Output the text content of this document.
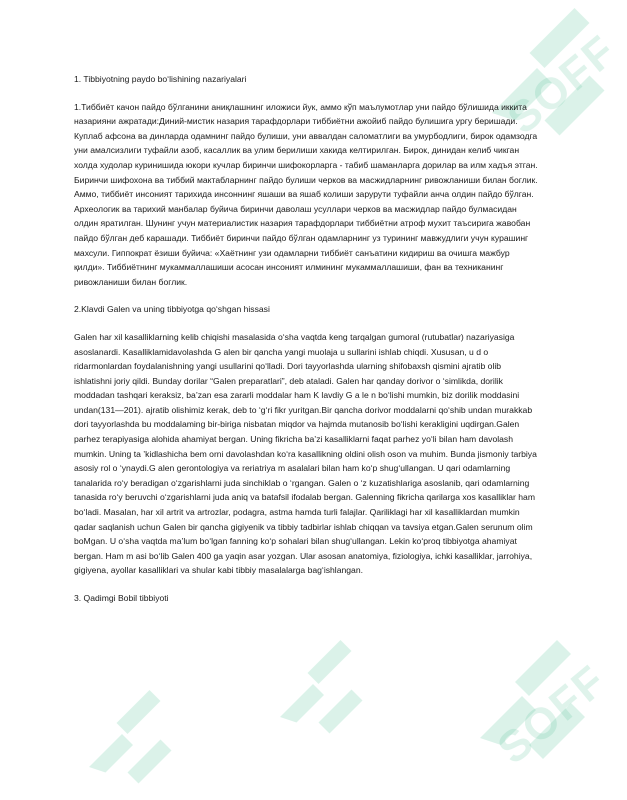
SOFF
SOFF

1. Tibbiyotning paydo bo‘lishining nazariyalari

1.Тиббиёт качон пайдо бўлганини аниқлашнинг иложиси йук, аммо кўп маълумотлар уни пайдо бўлишида иккита назарияни ажратади:Диний-мистик назария тарафдорлари тиббиётни ажойиб пайдо булишига ургу беришади. Куплаб афсона ва динларда одамнинг пайдо булиши, уни аввалдан саломатлиги ва умурбодлиги, бирок одамзодга уни амалсизлиги туфайли азоб, касаллик ва улим берилиши хакида келтирилган. Бирок, динидан келиб чикган холда худолар куринишида юкори кучлар биринчи шифокорларга - табиб шаманларга дорилар ва илм хадъя этган. Биринчи шифохона ва тиббий мактабларнинг пайдо булиши черков ва масжидларнинг ривожланиши билан боглик. Аммо, тиббиёт инсоният тарихида инсоннинг яшаши ва яшаб колиши зарурути туфайли анча олдин пайдо бўлган. Археологик ва тарихий манбалар буйича биринчи даволаш усуллари черков ва масжидлар пайдо булмасидан олдин яратилган. Шунинг учун материалистик назария тарафдорлари тиббиётни атроф мухит таъсирига жавобан пайдо бўлган деб карашади. Тиббиёт биринчи пайдо бўлган одамларнинг уз турининг мавжудлиги учун курашинг махсули. Гиппократ ёзиши буйича: «Хаётнинг узи одамларни тиббиёт санъатини кидириш ва очишга мажбур қилди». Тиббиётнинг мукаммаллашиши асосан инсоният илмининг мукаммаллашиши, фан ва техниканинг ривожланиши билан боглик.

2.Klavdi Galen va uning tibbiyotga qo‘shgan hissasi

Galen har xil kasalliklarning kelib chiqishi masalasida o‘sha vaqtda keng tarqalgan gumoral (rutubatlar) nazariyasiga asoslanardi. Kasalliklamidavolashda G alen bir qancha yangi muolaja u sullarini ishlab chiqdi. Xususan, u d o ridarmonlardan foydalanishning yangi usullarini qo‘lladi. Dori tayyorlashda ularning shifobaxsh qismini ajratib olib ishlatishni joriy qildi. Bunday dorilar “Galen preparatlari”, deb ataladi. Galen har qanday dorivor o ‘simlikda, dorilik moddadan tashqari keraksiz, ba’zan esa zararli moddalar ham K lavdiy G a le n bo‘lishi mumkin, biz dorilik moddasini undan(131—201). ajratib olishimiz kerak, deb to ‘g‘ri fikr yuritgan.Bir qancha dorivor moddalarni qo‘shib undan murakkab dori tayyorlashda bu moddalaming bir-biriga nisbatan miqdor va hajmda mutanosib bo‘lishi kerakligini uqdirgan.Galen parhez terapiyasiga alohida ahamiyat bergan. Uning fikricha ba’zi kasalliklarni faqat parhez yo‘li bilan ham davolash mumkin. Uning ta ’kidlashicha bem orni davolashdan ko‘ra kasallikning oldini olish oson va muhim. Bunda jismoniy tarbiya asosiy rol o ‘ynaydi.G alen gerontologiya va reriatriya m asalalari bilan ham ko‘p shug‘ullangan. U qari odamlarning tanalarida ro‘y beradigan o‘zgarishlarni juda sinchiklab o ‘rgangan. Galen o ‘z kuzatishlariga asoslanib, qari odamlarning tanasida ro‘y beruvchi o‘zgarishlarni juda aniq va batafsil ifodalab bergan. Galenning fikricha qarilarga xos kasalliklar ham bo‘ladi. Masalan, har xil artrit va artrozlar, podagra, astma hamda turli falajlar. Qariliklagi har xil kasalliklardan mumkin qadar saqlanish uchun Galen bir qancha gigiyenik va tibbiy tadbirlar ishlab chiqqan va tavsiya etgan.Galen serunum olim boMgan. U o‘sha vaqtda ma’lum bo‘lgan fanning ko‘p sohalari bilan shug‘ullangan. Lekin ko‘proq tibbiyotga ahamiyat bergan. Ham m asi bo‘lib Galen 400 ga yaqin asar yozgan. Ular asosan anatomiya, fiziologiya, ichki kasalliklar, jarrohiya, gigiyena, ayollar kasalliklari va shular kabi tibbiy masalalarga bag‘ishlangan.

3. Qadimgi Bobil tibbiyoti
